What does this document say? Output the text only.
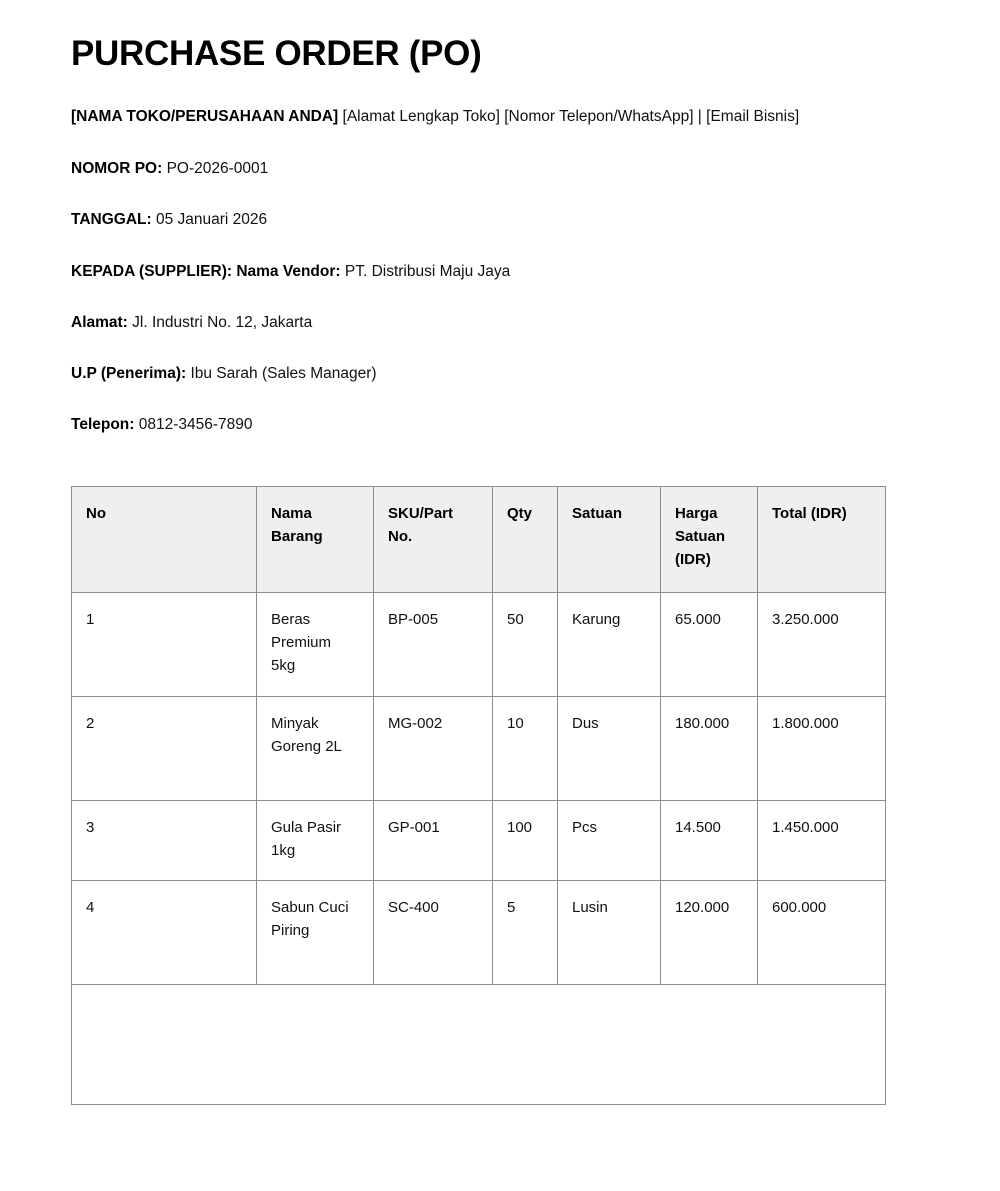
PURCHASE ORDER (PO)

[NAMA TOKO/PERUSAHAAN ANDA] [Alamat Lengkap Toko] [Nomor Telepon/WhatsApp] | [Email Bisnis]

NOMOR PO: PO-2026-0001

TANGGAL: 05 Januari 2026

KEPADA (SUPPLIER): Nama Vendor: PT. Distribusi Maju Jaya

Alamat: Jl. Industri No. 12, Jakarta

U.P (Penerima): Ibu Sarah (Sales Manager)

Telepon: 0812-3456-7890

No	Nama Barang	SKU/Part No.	Qty	Satuan	Harga Satuan (IDR)	Total (IDR)
1	Beras Premium 5kg	BP-005	50	Karung	65.000	3.250.000
2	Minyak Goreng 2L	MG-002	10	Dus	180.000	1.800.000
3	Gula Pasir 1kg	GP-001	100	Pcs	14.500	1.450.000
4	Sabun Cuci Piring	SC-400	5	Lusin	120.000	600.000
